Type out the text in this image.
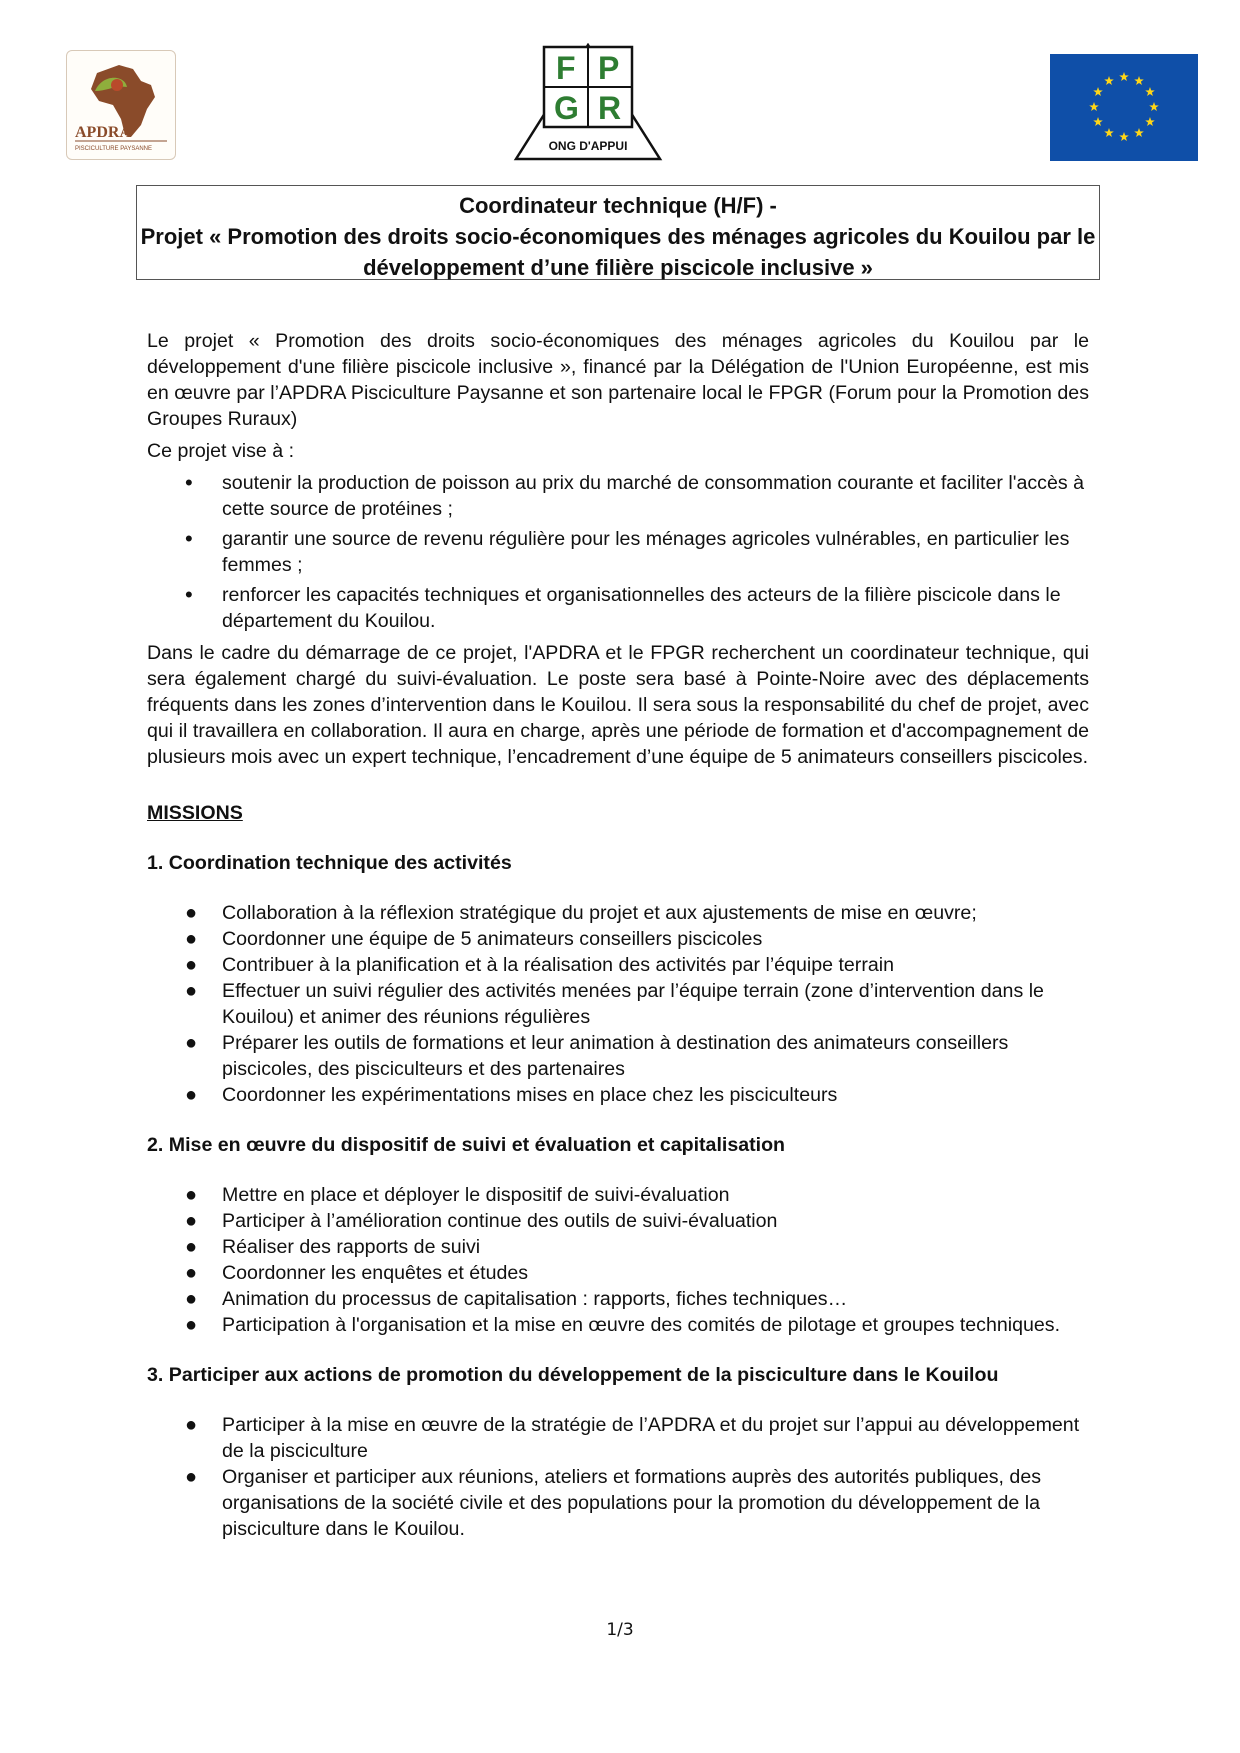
APDRA
PISCICULTURE PAYSANNE
F P
G R
ONG D'APPUI
Coordinateur technique (H/F) -
Projet « Promotion des droits socio-économiques des ménages agricoles du Kouilou par le
développement d’une filière piscicole inclusive »

Le projet « Promotion des droits socio-économiques des ménages agricoles du Kouilou par le développement d'une filière piscicole inclusive », financé par la Délégation de l'Union Européenne, est mis en œuvre par l’APDRA Pisciculture Paysanne et son partenaire local le FPGR (Forum pour la Promotion des Groupes Ruraux)

Ce projet vise à :

• soutenir la production de poisson au prix du marché de consommation courante et faciliter l'accès à cette source de protéines ;
• garantir une source de revenu régulière pour les ménages agricoles vulnérables, en particulier les femmes ;
• renforcer les capacités techniques et organisationnelles des acteurs de la filière piscicole dans le département du Kouilou.

Dans le cadre du démarrage de ce projet, l'APDRA et le FPGR recherchent un coordinateur technique, qui sera également chargé du suivi-évaluation. Le poste sera basé à Pointe-Noire avec des déplacements fréquents dans les zones d’intervention dans le Kouilou. Il sera sous la responsabilité du chef de projet, avec qui il travaillera en collaboration. Il aura en charge, après une période de formation et d'accompagnement de plusieurs mois avec un expert technique, l’encadrement d’une équipe de 5 animateurs conseillers piscicoles.

MISSIONS
1. Coordination technique des activités
● Collaboration à la réflexion stratégique du projet et aux ajustements de mise en œuvre;
● Coordonner une équipe de 5 animateurs conseillers piscicoles
● Contribuer à la planification et à la réalisation des activités par l’équipe terrain
● Effectuer un suivi régulier des activités menées par l’équipe terrain (zone d’intervention dans le Kouilou) et animer des réunions régulières
● Préparer les outils de formations et leur animation à destination des animateurs conseillers piscicoles, des pisciculteurs et des partenaires
● Coordonner les expérimentations mises en place chez les pisciculteurs
2. Mise en œuvre du dispositif de suivi et évaluation et capitalisation
● Mettre en place et déployer le dispositif de suivi-évaluation
● Participer à l’amélioration continue des outils de suivi-évaluation
● Réaliser des rapports de suivi
● Coordonner les enquêtes et études
● Animation du processus de capitalisation : rapports, fiches techniques…
● Participation à l'organisation et la mise en œuvre des comités de pilotage et groupes techniques.
3. Participer aux actions de promotion du développement de la pisciculture dans le Kouilou
● Participer à la mise en œuvre de la stratégie de l’APDRA et du projet sur l’appui au développement de la pisciculture
● Organiser et participer aux réunions, ateliers et formations auprès des autorités publiques, des organisations de la société civile et des populations pour la promotion du développement de la pisciculture dans le Kouilou.
1/3
